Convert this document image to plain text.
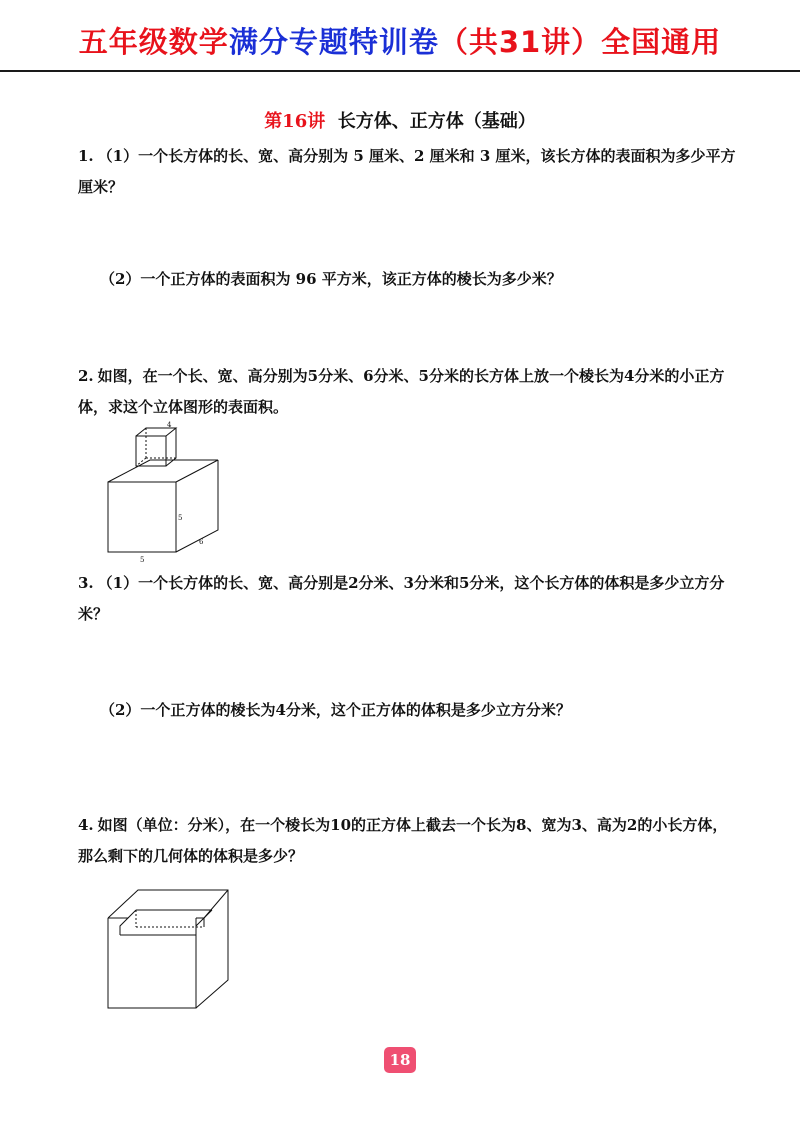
五年级数学满分专题特训卷（共31讲）全国通用
第16讲 长方体、正方体（基础）

1. （1）一个长方体的长、宽、高分别为 5 厘米、2 厘米和 3 厘米，该长方体的表面积为多少平方厘米？

（2）一个正方体的表面积为 96 平方米，该正方体的棱长为多少米？

2. 如图，在一个长、宽、高分别为5分米、6分米、5分米的长方体上放一个棱长为4分米的小正方体，求这个立体图形的表面积。

4
5
6
5

3. （1）一个长方体的长、宽、高分别是2分米、3分米和5分米，这个长方体的体积是多少立方分米？

（2）一个正方体的棱长为4分米，这个正方体的体积是多少立方分米？

4. 如图（单位：分米），在一个棱长为10的正方体上截去一个长为8、宽为3、高为2的小长方体，那么剩下的几何体的体积是多少？

18
